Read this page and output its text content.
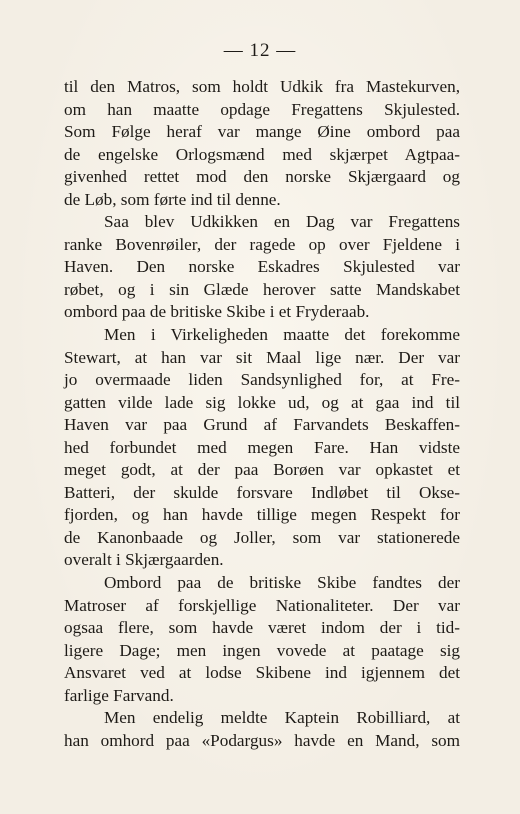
— 12 —
til den Matros, som holdt Udkik fra Mastekurven,
om han maatte opdage Fregattens Skjulested.
Som Følge heraf var mange Øine ombord paa
de engelske Orlogsmænd med skjærpet Agtpaa-
givenhed rettet mod den norske Skjærgaard og
de Løb, som førte ind til denne.
Saa blev Udkikken en Dag var Fregattens
ranke Bovenrøiler, der ragede op over Fjeldene i
Haven. Den norske Eskadres Skjulested var
røbet, og i sin Glæde herover satte Mandskabet
ombord paa de britiske Skibe i et Fryderaab.
Men i Virkeligheden maatte det forekomme
Stewart, at han var sit Maal lige nær. Der var
jo overmaade liden Sandsynlighed for, at Fre-
gatten vilde lade sig lokke ud, og at gaa ind til
Haven var paa Grund af Farvandets Beskaffen-
hed forbundet med megen Fare. Han vidste
meget godt, at der paa Borøen var opkastet et
Batteri, der skulde forsvare Indløbet til Okse-
fjorden, og han havde tillige megen Respekt for
de Kanonbaade og Joller, som var stationerede
overalt i Skjærgaarden.
Ombord paa de britiske Skibe fandtes der
Matroser af forskjellige Nationaliteter. Der var
ogsaa flere, som havde været indom der i tid-
ligere Dage; men ingen vovede at paatage sig
Ansvaret ved at lodse Skibene ind igjennem det
farlige Farvand.
Men endelig meldte Kaptein Robilliard, at
han omhord paa «Podargus» havde en Mand, som
